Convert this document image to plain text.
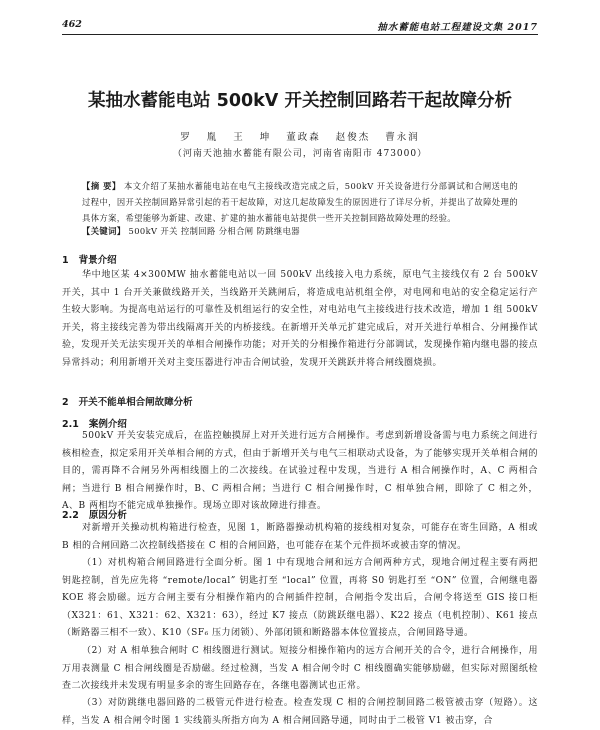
462	抽水蓄能电站工程建设文集 2017
某抽水蓄能电站 500kV 开关控制回路若干起故障分析
罗 胤 王 坤 董政森 赵俊杰 曹永润
（河南天池抽水蓄能有限公司，河南省南阳市 473000）
【摘 要】 本文介绍了某抽水蓄能电站在电气主接线改造完成之后，500kV 开关设备进行分部调试和合闸送电的过程中，因开关控制回路异常引起的若干起故障，对这几起故障发生的原因进行了详尽分析，并提出了故障处理的具体方案，希望能够为新建、改建、扩建的抽水蓄能电站提供一些开关控制回路故障处理的经验。
【关键词】 500kV 开关 控制回路 分相合闸 防跳继电器
1 背景介绍

华中地区某 4×300MW 抽水蓄能电站以一回 500kV 出线接入电力系统，原电气主接线仅有 2 台 500kV 开关，其中 1 台开关兼做线路开关，当线路开关跳闸后，将造成电站机组全停，对电网和电站的安全稳定运行产生较大影响。为提高电站运行的可靠性及机组运行的安全性，对电站电气主接线进行技术改造，增加 1 组 500kV 开关，将主接线完善为带出线隔离开关的内桥接线。在新增开关单元扩建完成后，对开关进行单相合、分闸操作试验，发现开关无法实现开关的单相合闸操作功能；对开关的分相操作箱进行分部调试，发现操作箱内继电器的接点异常抖动；利用新增开关对主变压器进行冲击合闸试验，发现开关跳跃并将合闸线圈烧损。

2 开关不能单相合闸故障分析
2.1 案例介绍

500kV 开关安装完成后，在监控触摸屏上对开关进行远方合闸操作。考虑到新增设备需与电力系统之间进行核相检查，拟定采用开关单相合闸的方式，但由于新增开关与电气三相联动式设备，为了能够实现开关单相合闸的目的，需再降不合闸另外两相线圈上的二次接线。在试验过程中发现，当进行 A 相合闸操作时，A、C 两相合闸；当进行 B 相合闸操作时，B、C 两相合闸；当进行 C 相合闸操作时，C 相单独合闸，即除了 C 相之外，A、B 两相均不能完成单独操作。现场立即对该故障进行排查。

2.2 原因分析

对新增开关操动机构箱进行检查，见图 1，断路器操动机构箱的接线相对复杂，可能存在寄生回路，A 相或 B 相的合闸回路二次控制线搭接在 C 相的合闸回路，也可能存在某个元件损坏或被击穿的情况。

（1）对机构箱合闸回路进行全面分析。图 1 中有现地合闸和远方合闸两种方式，现地合闸过程主要有两把钥匙控制，首先应先将 “remote/local” 钥匙打至 “local” 位置，再将 S0 钥匙打至 “ON” 位置，合闸继电器 KOE 将会励磁。远方合闸主要有分相操作箱内的合闸插件控制，合闸指令发出后，合闸令将送至 GIS 接口柜（X321：61、X321：62、X321：63），经过 K7 接点（防跳跃继电器）、K22 接点（电机控制）、K61 接点（断路器三相不一致）、K10（SF₆ 压力闭锁）、外部闭锁和断路器本体位置接点，合闸回路导通。

（2）对 A 相单独合闸时 C 相线圈进行测试。短接分相操作箱内的远方合闸开关的合令，进行合闸操作，用万用表测量 C 相合闸线圈是否励磁。经过检测，当发 A 相合闸令时 C 相线圈确实能够励磁，但实际对照图纸检查二次接线并未发现有明显多余的寄生回路存在，各继电器测试也正常。

（3）对防跳继电器回路的二极管元件进行检查。检查发现 C 相的合闸控制回路二极管被击穿（短路）。这样，当发 A 相合闸令时图 1 实线箭头所指方向为 A 相合闸回路导通，同时由于二极管 V1 被击穿，合
